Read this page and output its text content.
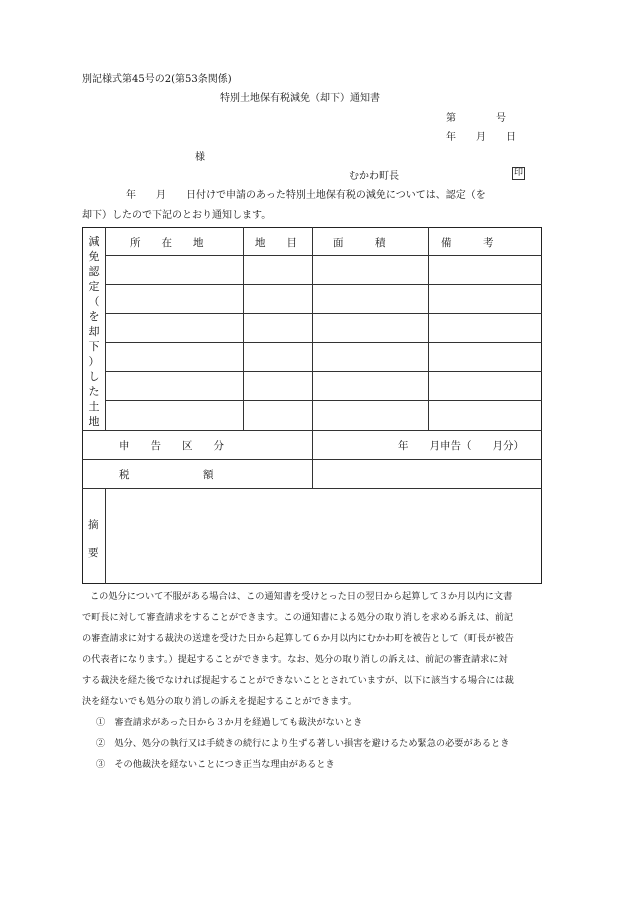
別記様式第45号の2(第53条関係)
特別土地保有税減免（却下）通知書
第　　　　号
年　　月　　日
様
むかわ町長	印
年　　月　　日付けで申請のあった特別土地保有税の減免については、認定（を
却下）したので下記のとおり通知します。
減
免
認
定
（
を
却
下
）
し
た
土
地
所　　在　　地	地　　目	面　　　積	備　　　考
申　　告　　区　　分	年　　月申告（　　月分）
税　　　　　　　額
摘
要
この処分について不服がある場合は、この通知書を受けとった日の翌日から起算して３か月以内に文書
で町長に対して審査請求をすることができます。この通知書による処分の取り消しを求める訴えは、前記
の審査請求に対する裁決の送達を受けた日から起算して６か月以内にむかわ町を被告として（町長が被告
の代表者になります。）提起することができます。なお、処分の取り消しの訴えは、前記の審査請求に対
する裁決を経た後でなければ提起することができないこととされていますが、以下に該当する場合には裁
決を経ないでも処分の取り消しの訴えを提起することができます。
①　審査請求があった日から３か月を経過しても裁決がないとき
②　処分、処分の執行又は手続きの続行により生ずる著しい損害を避けるため緊急の必要があるとき
③　その他裁決を経ないことにつき正当な理由があるとき
